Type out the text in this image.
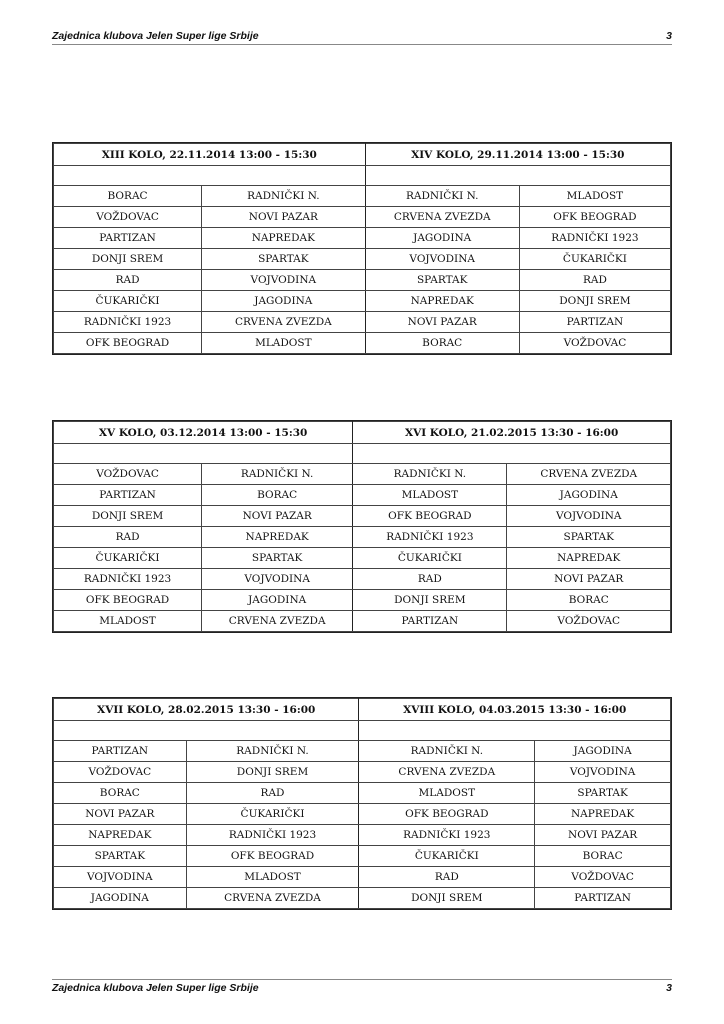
Zajednica klubova Jelen Super lige Srbije	3
XIII KOLO, 22.11.2014 13:00 - 15:30		XIV KOLO, 29.11.2014 13:00 - 15:30	

BORAC	RADNIČKI N.	RADNIČKI N.	MLADOST
VOŽDOVAC	NOVI PAZAR	CRVENA ZVEZDA	OFK BEOGRAD
PARTIZAN	NAPREDAK	JAGODINA	RADNIČKI 1923
DONJI SREM	SPARTAK	VOJVODINA	ČUKARIČKI
RAD	VOJVODINA	SPARTAK	RAD
ČUKARIČKI	JAGODINA	NAPREDAK	DONJI SREM
RADNIČKI 1923	CRVENA ZVEZDA	NOVI PAZAR	PARTIZAN
OFK BEOGRAD	MLADOST	BORAC	VOŽDOVAC
XV KOLO, 03.12.2014 13:00 - 15:30		XVI KOLO, 21.02.2015 13:30 - 16:00	

VOŽDOVAC	RADNIČKI N.	RADNIČKI N.	CRVENA ZVEZDA
PARTIZAN	BORAC	MLADOST	JAGODINA
DONJI SREM	NOVI PAZAR	OFK BEOGRAD	VOJVODINA
RAD	NAPREDAK	RADNIČKI 1923	SPARTAK
ČUKARIČKI	SPARTAK	ČUKARIČKI	NAPREDAK
RADNIČKI 1923	VOJVODINA	RAD	NOVI PAZAR
OFK BEOGRAD	JAGODINA	DONJI SREM	BORAC
MLADOST	CRVENA ZVEZDA	PARTIZAN	VOŽDOVAC
XVII KOLO, 28.02.2015 13:30 - 16:00		XVIII KOLO, 04.03.2015 13:30 - 16:00	

PARTIZAN	RADNIČKI N.	RADNIČKI N.	JAGODINA
VOŽDOVAC	DONJI SREM	CRVENA ZVEZDA	VOJVODINA
BORAC	RAD	MLADOST	SPARTAK
NOVI PAZAR	ČUKARIČKI	OFK BEOGRAD	NAPREDAK
NAPREDAK	RADNIČKI 1923	RADNIČKI 1923	NOVI PAZAR
SPARTAK	OFK BEOGRAD	ČUKARIČKI	BORAC
VOJVODINA	MLADOST	RAD	VOŽDOVAC
JAGODINA	CRVENA ZVEZDA	DONJI SREM	PARTIZAN
Zajednica klubova Jelen Super lige Srbije	3
